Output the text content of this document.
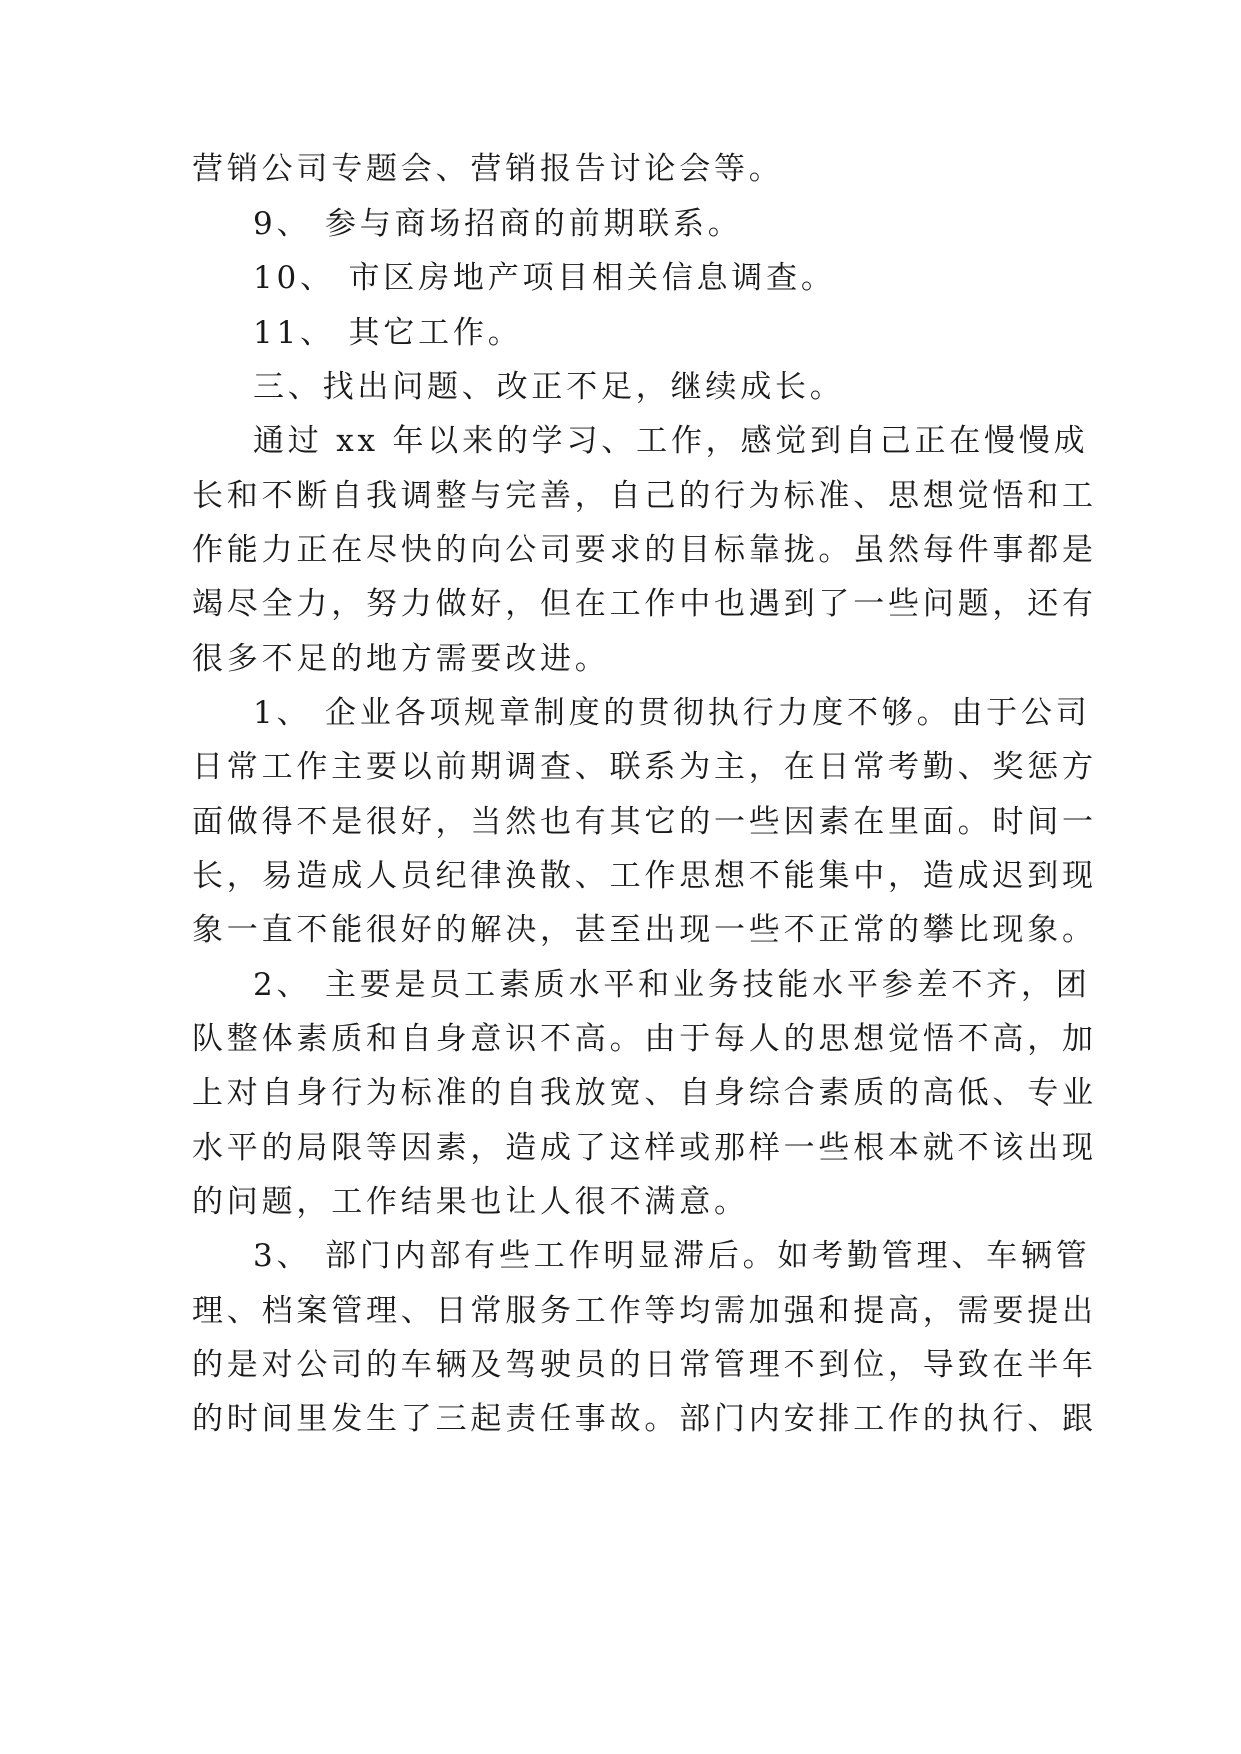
营销公司专题会、营销报告讨论会等。
9、 参与商场招商的前期联系。
10、 市区房地产项目相关信息调查。
11、 其它工作。
三、找出问题、改正不足，继续成长。
通过 xx 年以来的学习、工作，感觉到自己正在慢慢成
长和不断自我调整与完善，自己的行为标准、思想觉悟和工
作能力正在尽快的向公司要求的目标靠拢。虽然每件事都是
竭尽全力，努力做好，但在工作中也遇到了一些问题，还有
很多不足的地方需要改进。
1、 企业各项规章制度的贯彻执行力度不够。由于公司
日常工作主要以前期调查、联系为主，在日常考勤、奖惩方
面做得不是很好，当然也有其它的一些因素在里面。时间一
长，易造成人员纪律涣散、工作思想不能集中，造成迟到现
象一直不能很好的解决，甚至出现一些不正常的攀比现象。
2、 主要是员工素质水平和业务技能水平参差不齐，团
队整体素质和自身意识不高。由于每人的思想觉悟不高，加
上对自身行为标准的自我放宽、自身综合素质的高低、专业
水平的局限等因素，造成了这样或那样一些根本就不该出现
的问题，工作结果也让人很不满意。
3、 部门内部有些工作明显滞后。如考勤管理、车辆管
理、档案管理、日常服务工作等均需加强和提高，需要提出
的是对公司的车辆及驾驶员的日常管理不到位，导致在半年
的时间里发生了三起责任事故。部门内安排工作的执行、跟
